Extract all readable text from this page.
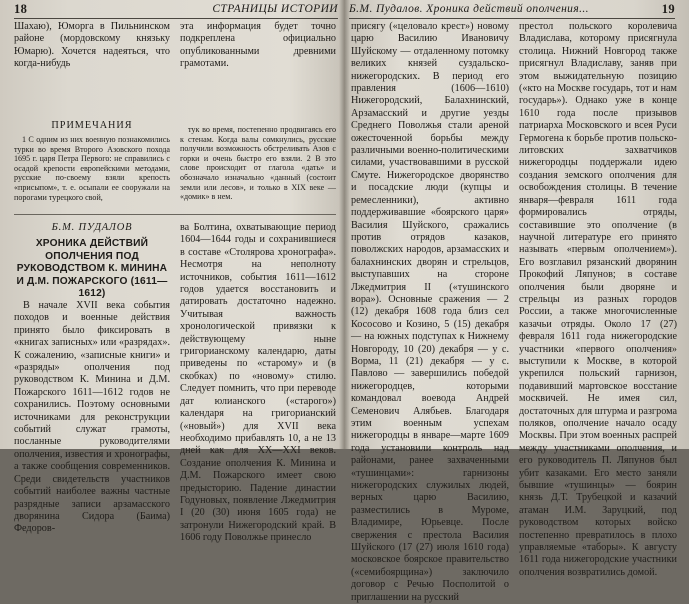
18	СТРАНИЦЫ ИСТОРИИ

Шахаю), Юморга в Пильнинском районе (мордовскому князьку Юмарю). Хочется надеяться, что когда-нибудь

эта информация будет точно подкреплена официально опубликованными древними грамотами.

ПРИМЕЧАНИЯ

1 С одним из них военную познакомились турки во время Второго Азовского похода 1695 г. царя Петра Первого: не справились с осадой крепости европейскими методами, русские по-своему взяли крепость «присыпом», т. е. осыпали ее сооружали на порогами турецкого свой,

тук во время, постепенно продвигаясь его к стенам. Когда валы сомкнулись, русские получили возможность обстреливать Азов с горки и очень быстро его взяли. 2 В это слове происходит от глагола «дать» и обозначало изначально «данный (состоит земли или лесов», и только в XIX веке — «домик» в нем.

Б.М. ПУДАЛОВ
ХРОНИКА ДЕЙСТВИЙ ОПОЛЧЕНИЯ ПОД РУКОВОДСТВОМ К. МИНИНА И Д.М. ПОЖАРСКОГО (1611—1612)

В начале XVII века события походов и военные действия принято было фиксировать в «книгах записных» или «разрядах». К сожалению, «записные книги» и «разряды» ополчения под руководством К. Минина и Д.М. Пожарского 1611—1612 годов не сохранились. Поэтому основными источниками для реконструкции событий служат грамоты, посланные руководителями ополчения, известия и хронографы, а также сообщения современников. Среди свидетельств участников событий наиболее важны частные разрядные записи арзамасского дворянина Сидора (Баима) Федоров-

ва Болтина, охватывающие период 1604—1644 годы и сохранившиеся в составе «Столярова хронографа». Несмотря на неполноту источников, события 1611—1612 годов удается восстановить и датировать достаточно надежно. Учитывая важность хронологической привязки к действующему ныне григорианскому календарю, даты приведены по «старому» и (в скобках) по «новому» стилю. Следует помнить, что при переводе дат юлианского («старого») календаря на григорианский («новый») для XVII века необходимо прибавлять 10, а не 13 дней как для XX—XXI веков. Создание ополчения К. Минина и Д.М. Пожарского имеет свою предысторию. Падение династии Годуновых, появление Лжедмитрия I (20 (30) июня 1605 года) не затронули Нижегородский край. В 1606 году Поволжье принесло

Б.М. Пудалов. Хроника действий ополчения...	19

присягу («целовало крест») новому царю Василию Ивановичу Шуйскому — отдаленному потомку великих князей суздальско-нижегородских. В период его правления (1606—1610) Нижегородский, Балахнинский, Арзамасский и другие уезды Среднего Поволжья стали ареной ожесточенной борьбы между различными военно-политическими силами, участвовавшими в русской Смуте. Нижегородское дворянство и посадские люди (купцы и ремесленники), активно поддерживавшие «боярского царя» Василия Шуйского, сражались против отрядов казаков, поволжских народов, арзамасских и балахнинских дворян и стрельцов, выступавших на стороне Лжедмитрия II («тушинского вора»). Основные сражения — 2 (12) декабря 1608 года близ сел Кососово и Козино, 5 (15) декабря — на южных подступах к Нижнему Новгороду, 10 (20) декабря — у с. Ворма, 11 (21) декабря — у с. Павлово — завершились победой нижегородцев, которыми командовал воевода Андрей Семенович Алябьев. Благодаря этим военным успехам нижегородцы в январе—марте 1609 года установили контроль над районами, ранее захваченными «тушинцами»: гарнизоны нижегородских служилых людей, верных царю Василию, разместились в Муроме, Владимире, Юрьевце. После свержения с престола Василия Шуйского (17 (27) июля 1610 года) московское боярское правительство («семибоярщина») заключило договор с Речью Посполитой о приглашении на русский

престол польского королевича Владислава, которому присягнула столица. Нижний Новгород также присягнул Владиславу, заняв при этом выжидательную позицию («кто на Москве государь, тот и нам государь»). Однако уже в конце 1610 года после призывов патриарха Московского и всея Руси Гермогена к борьбе против польско-литовских захватчиков нижегородцы поддержали идею создания земского ополчения для освобождения столицы. В течение января—февраля 1611 года формировались отряды, составившие это ополчение (в научной литературе его принято называть «первым ополчением»). Его возглавил рязанский дворянин Прокофий Ляпунов; в составе ополчения были дворяне и стрельцы из разных городов России, а также многочисленные казачьи отряды. Около 17 (27) февраля 1611 года нижегородские участники «первого ополчения» выступили к Москве, в которой укрепился польский гарнизон, подавивший мартовское восстание москвичей. Не имея сил, достаточных для штурма и разгрома поляков, ополчение начало осаду Москвы. При этом военных распрей между участниками ополчения, и его руководитель П. Ляпунов был убит казаками. Его место заняли бывшие «тушинцы» — боярин князь Д.Т. Трубецкой и казачий атаман И.М. Заруцкий, под руководством которых войско постепенно превратилось в плохо управляемые «таборы». К августу 1611 года нижегородские участники ополчения возвратились домой.
